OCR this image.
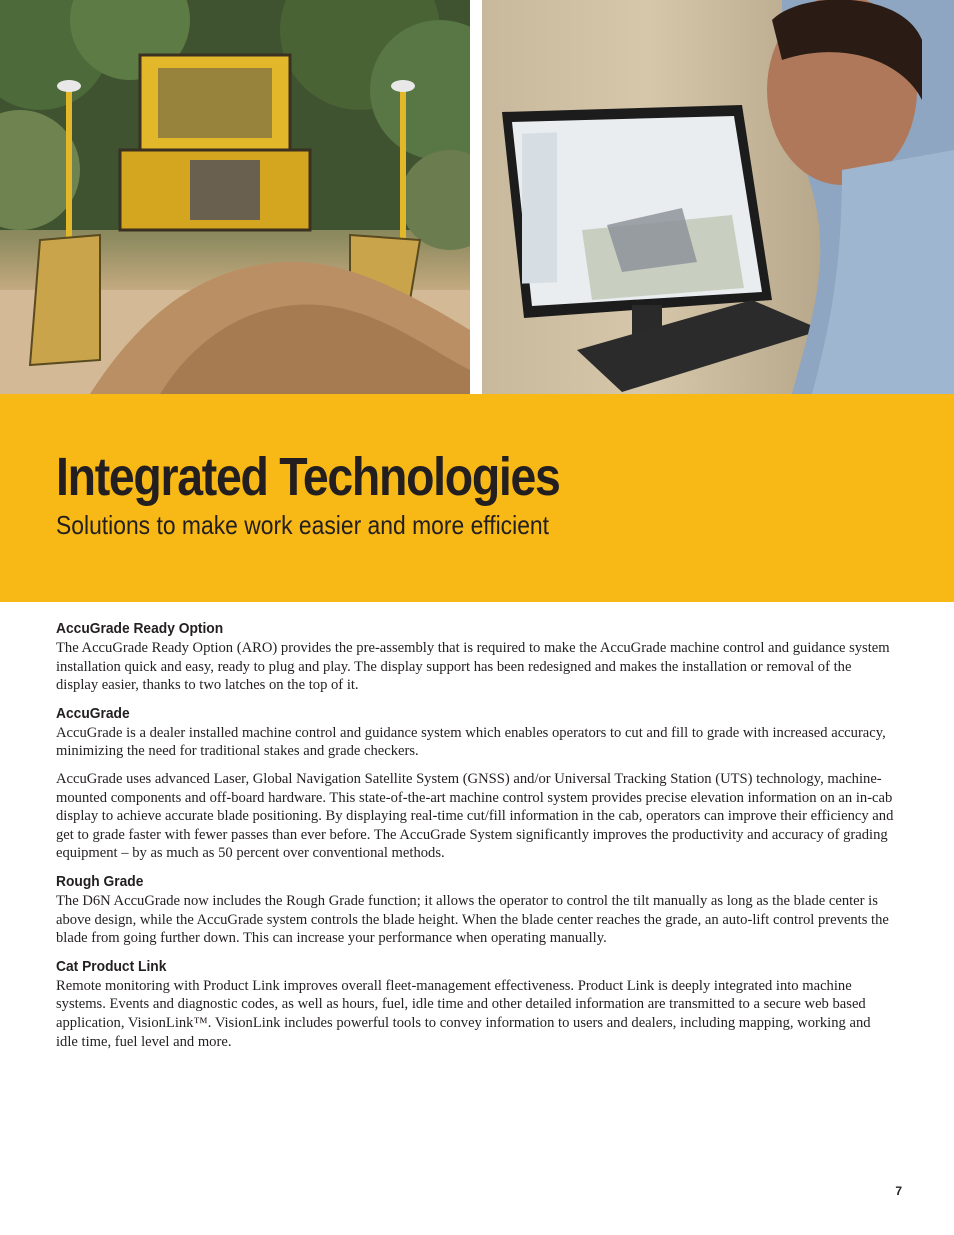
Integrated Technologies
Solutions to make work easier and more efficient
AccuGrade Ready Option

The AccuGrade Ready Option (ARO) provides the pre-assembly that is required to make the AccuGrade machine control and guidance system installation quick and easy, ready to plug and play. The display support has been redesigned and makes the installation or removal of the display easier, thanks to two latches on the top of it.

AccuGrade

AccuGrade is a dealer installed machine control and guidance system which enables operators to cut and fill to grade with increased accuracy, minimizing the need for traditional stakes and grade checkers.

AccuGrade uses advanced Laser, Global Navigation Satellite System (GNSS) and/or Universal Tracking Station (UTS) technology, machine-mounted components and off-board hardware. This state-of-the-art machine control system provides precise elevation information on an in-cab display to achieve accurate blade positioning. By displaying real-time cut/fill information in the cab, operators can improve their efficiency and get to grade faster with fewer passes than ever before. The AccuGrade System significantly improves the productivity and accuracy of grading equipment – by as much as 50 percent over conventional methods.

Rough Grade

The D6N AccuGrade now includes the Rough Grade function; it allows the operator to control the tilt manually as long as the blade center is above design, while the AccuGrade system controls the blade height. When the blade center reaches the grade, an auto-lift control prevents the blade from going further down. This can increase your performance when operating manually.

Cat Product Link

Remote monitoring with Product Link improves overall fleet-management effectiveness. Product Link is deeply integrated into machine systems. Events and diagnostic codes, as well as hours, fuel, idle time and other detailed information are transmitted to a secure web based application, VisionLink™. VisionLink includes powerful tools to convey information to users and dealers, including mapping, working and idle time, fuel level and more.

7
